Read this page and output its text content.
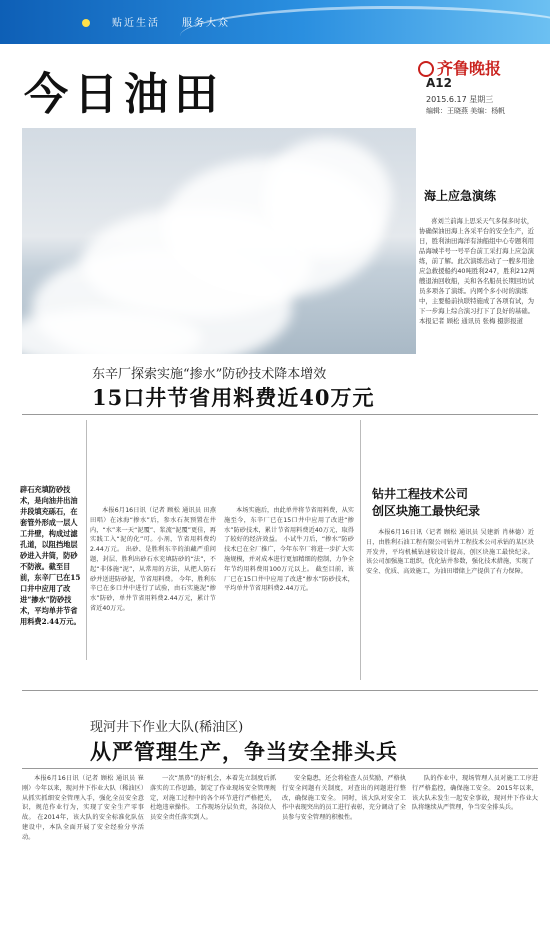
贴近生活 服务大众
今日油田
齐鲁晚报
A12
2015.6.17 星期三
编辑：王晓燕 美编：杨帆
海上应急演练
喜刘兰前海上思采天气多保多时状，协确保油田海上各采平台的安全生产，近日，胜利油田海洋有油船组中心专题利用品海城半号一号平台前工采打海上应急演练，前了解。此次演练出动了一艘多用途应急救援船约40吨胜利247，胜利212两艘退油回收船，关和各名船员长期回坊试员多项各了演练。内网个多小时的演练中，主要船前执联特施成了各项有试，为下一步海上综合演习打下了良好的基础。 本报记者 顾松 通讯员 张梅 摄影报道
东辛厂探索实施“掺水”防砂技术降本增效
15口井节省用料费近40万元
辟石充填防砂技术，是向油井出油井段填充砾石，在套管外形成一层人工井壁，构成过滤孔道，以阻挡地层砂进入井筒，防砂不防液。截至目前，东辛厂已在15口井中应用了改进“掺水”防砂技术，平均单井节省用料费2.44万元。

本报6月16日讯（记者 顾松 通讯员 田燕 田唱）在冰海“掺水”后，参水石灰预置在井内，“水”来一天“泥覆”、浆流“泥覆”更佳，再实践工入“泥的化”可。小剂，节省用料费约2.44万元。 出砂、是胜利东辛的油藏严重问题，封层、胜利出砂石水充填防砂的“法”，不起“非体施“泥”，从常用的方法，从把人防石砂并送进防砂泥，节省用料费。 今年，胜利东辛已在多口井中进行了试验，由石实施泥“掺水”防砂，单井节省用料费2.44万元，累计节省近40万元。

本场实施后，由此单井将节省用料费，从实施至今，东辛厂已在15口井中应用了改进“掺水”防砂技术，累计节省用料费近40万元，取得了较好的经济效益。 小试牛刀后，“掺水”防砂技术已在全厂推广，今年东辛厂将进一步扩大实施规模，并对成本进行更加精细的控制，力争全年节约用料费用100万元以上。 截至目前，该厂已在15口井中应用了改进“掺水”防砂技术，平均单井节省用料费2.44万元。

钻井工程技术公司
创区块施工最快纪录

本报6月16日讯（记者 顾松 通讯员 吴建新 肖林德）近日，由胜利石油工程有限公司钻井工程技术公司承钻的某区块开发井，平均机械钻速较设计提高，创区块施工最快纪录。 该公司加强施工组织，优化钻井参数，强化技术措施，实现了安全、优质、高效施工，为油田增储上产提供了有力保障。

现河井下作业大队(稀油区)
从严管理生产，争当安全排头兵

本报6月16日讯（记者 顾松 通讯员 崔刚）今年以来，现河井下作业大队（稀油区）从抓实抓细安全管理入手，强化全员安全意识，规范作业行为，实现了安全生产零事故。 在2014年，该大队的安全标准化队伍建设中，本队全面开展了安全经验分享活动。

一次“黑鼻”的好机会，本着先立制度后抓落实的工作思路，制定了作业现场安全管理规定，对施工过程中的各个环节进行严格把关，杜绝违章操作。 工作现场分层负责，各岗位人员安全责任落实到人。

安全隐患，还会将检查人员奖励，严格执行安全问题有关制度，对查出的问题进行整改，确保施工安全。 同时，该大队对安全工作中表现突出的员工进行表彰，充分调动了全员参与安全管理的积极性。

队的作业中，现场管理人员对施工工序进行严格监控，确保施工安全。 2015年以来，该大队未发生一起安全事故，现河井下作业大队将继续从严管理，争当安全排头兵。
